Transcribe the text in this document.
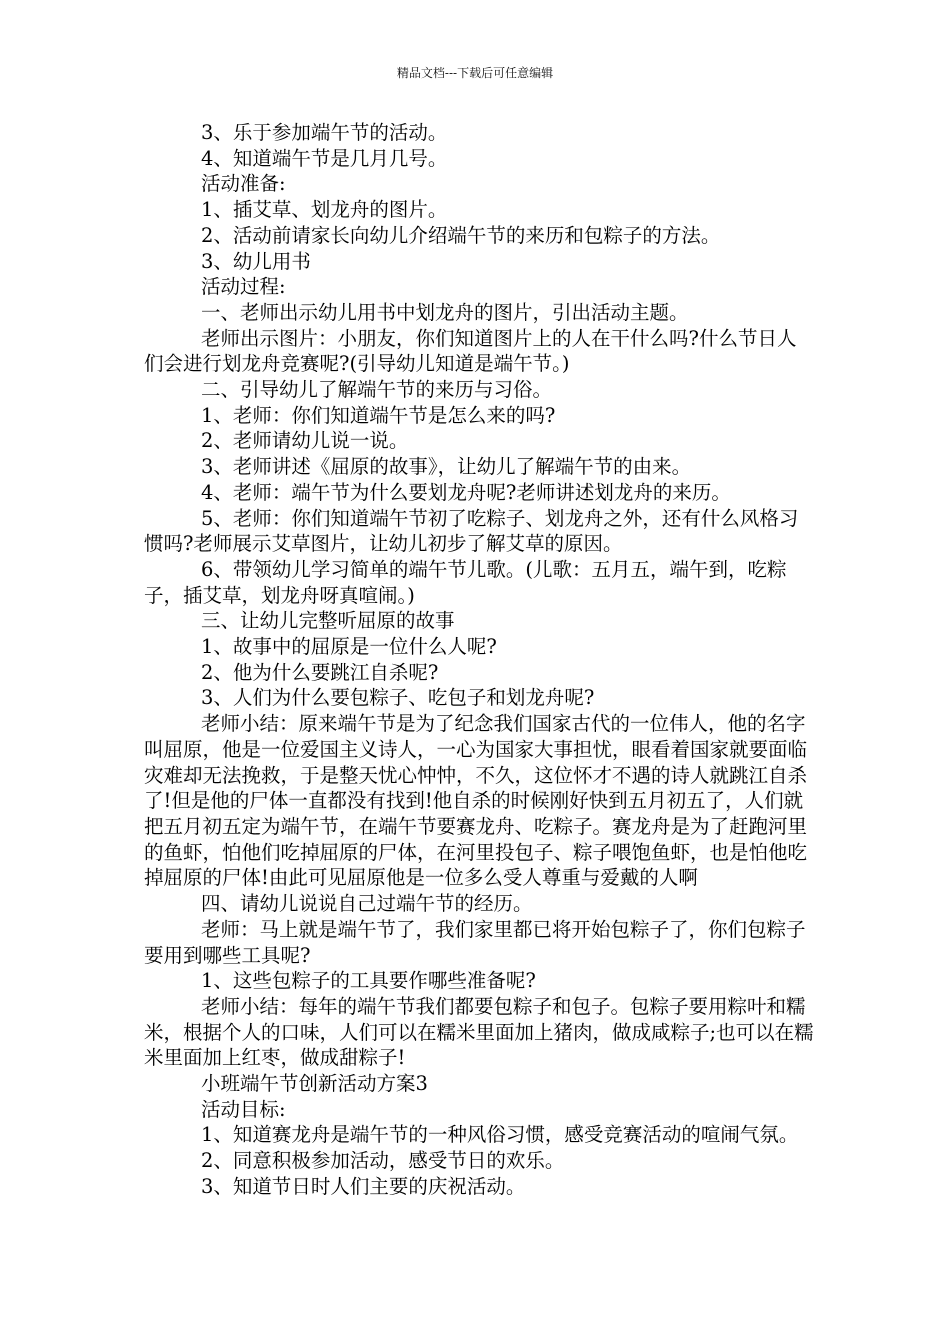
精品文档---下载后可任意编辑

3、乐于参加端午节的活动。

4、知道端午节是几月几号。

活动准备:

1、插艾草、划龙舟的图片。

2、活动前请家长向幼儿介绍端午节的来历和包粽子的方法。

3、幼儿用书

活动过程:

一、老师出示幼儿用书中划龙舟的图片，引出活动主题。

老师出示图片：小朋友，你们知道图片上的人在干什么吗?什么节日人们会进行划龙舟竞赛呢?(引导幼儿知道是端午节。)

二、引导幼儿了解端午节的来历与习俗。

1、老师：你们知道端午节是怎么来的吗?

2、老师请幼儿说一说。

3、老师讲述《屈原的故事》，让幼儿了解端午节的由来。

4、老师：端午节为什么要划龙舟呢?老师讲述划龙舟的来历。

5、老师：你们知道端午节初了吃粽子、划龙舟之外，还有什么风格习惯吗?老师展示艾草图片，让幼儿初步了解艾草的原因。

6、带领幼儿学习简单的端午节儿歌。(儿歌：五月五，端午到，吃粽子，插艾草，划龙舟呀真喧闹。)

三、让幼儿完整听屈原的故事

1、故事中的屈原是一位什么人呢?

2、他为什么要跳江自杀呢?

3、人们为什么要包粽子、吃包子和划龙舟呢?

老师小结：原来端午节是为了纪念我们国家古代的一位伟人，他的名字叫屈原，他是一位爱国主义诗人，一心为国家大事担忧，眼看着国家就要面临灾难却无法挽救，于是整天忧心忡忡，不久，这位怀才不遇的诗人就跳江自杀了!但是他的尸体一直都没有找到!他自杀的时候刚好快到五月初五了，人们就把五月初五定为端午节，在端午节要赛龙舟、吃粽子。赛龙舟是为了赶跑河里的鱼虾，怕他们吃掉屈原的尸体，在河里投包子、粽子喂饱鱼虾，也是怕他吃掉屈原的尸体!由此可见屈原他是一位多么受人尊重与爱戴的人啊

四、请幼儿说说自己过端午节的经历。

老师：马上就是端午节了，我们家里都已将开始包粽子了，你们包粽子要用到哪些工具呢?

1、这些包粽子的工具要作哪些准备呢?

老师小结：每年的端午节我们都要包粽子和包子。包粽子要用粽叶和糯米，根据个人的口味，人们可以在糯米里面加上猪肉，做成咸粽子;也可以在糯米里面加上红枣，做成甜粽子!

小班端午节创新活动方案3

活动目标:

1、知道赛龙舟是端午节的一种风俗习惯，感受竞赛活动的喧闹气氛。

2、同意积极参加活动，感受节日的欢乐。

3、知道节日时人们主要的庆祝活动。
